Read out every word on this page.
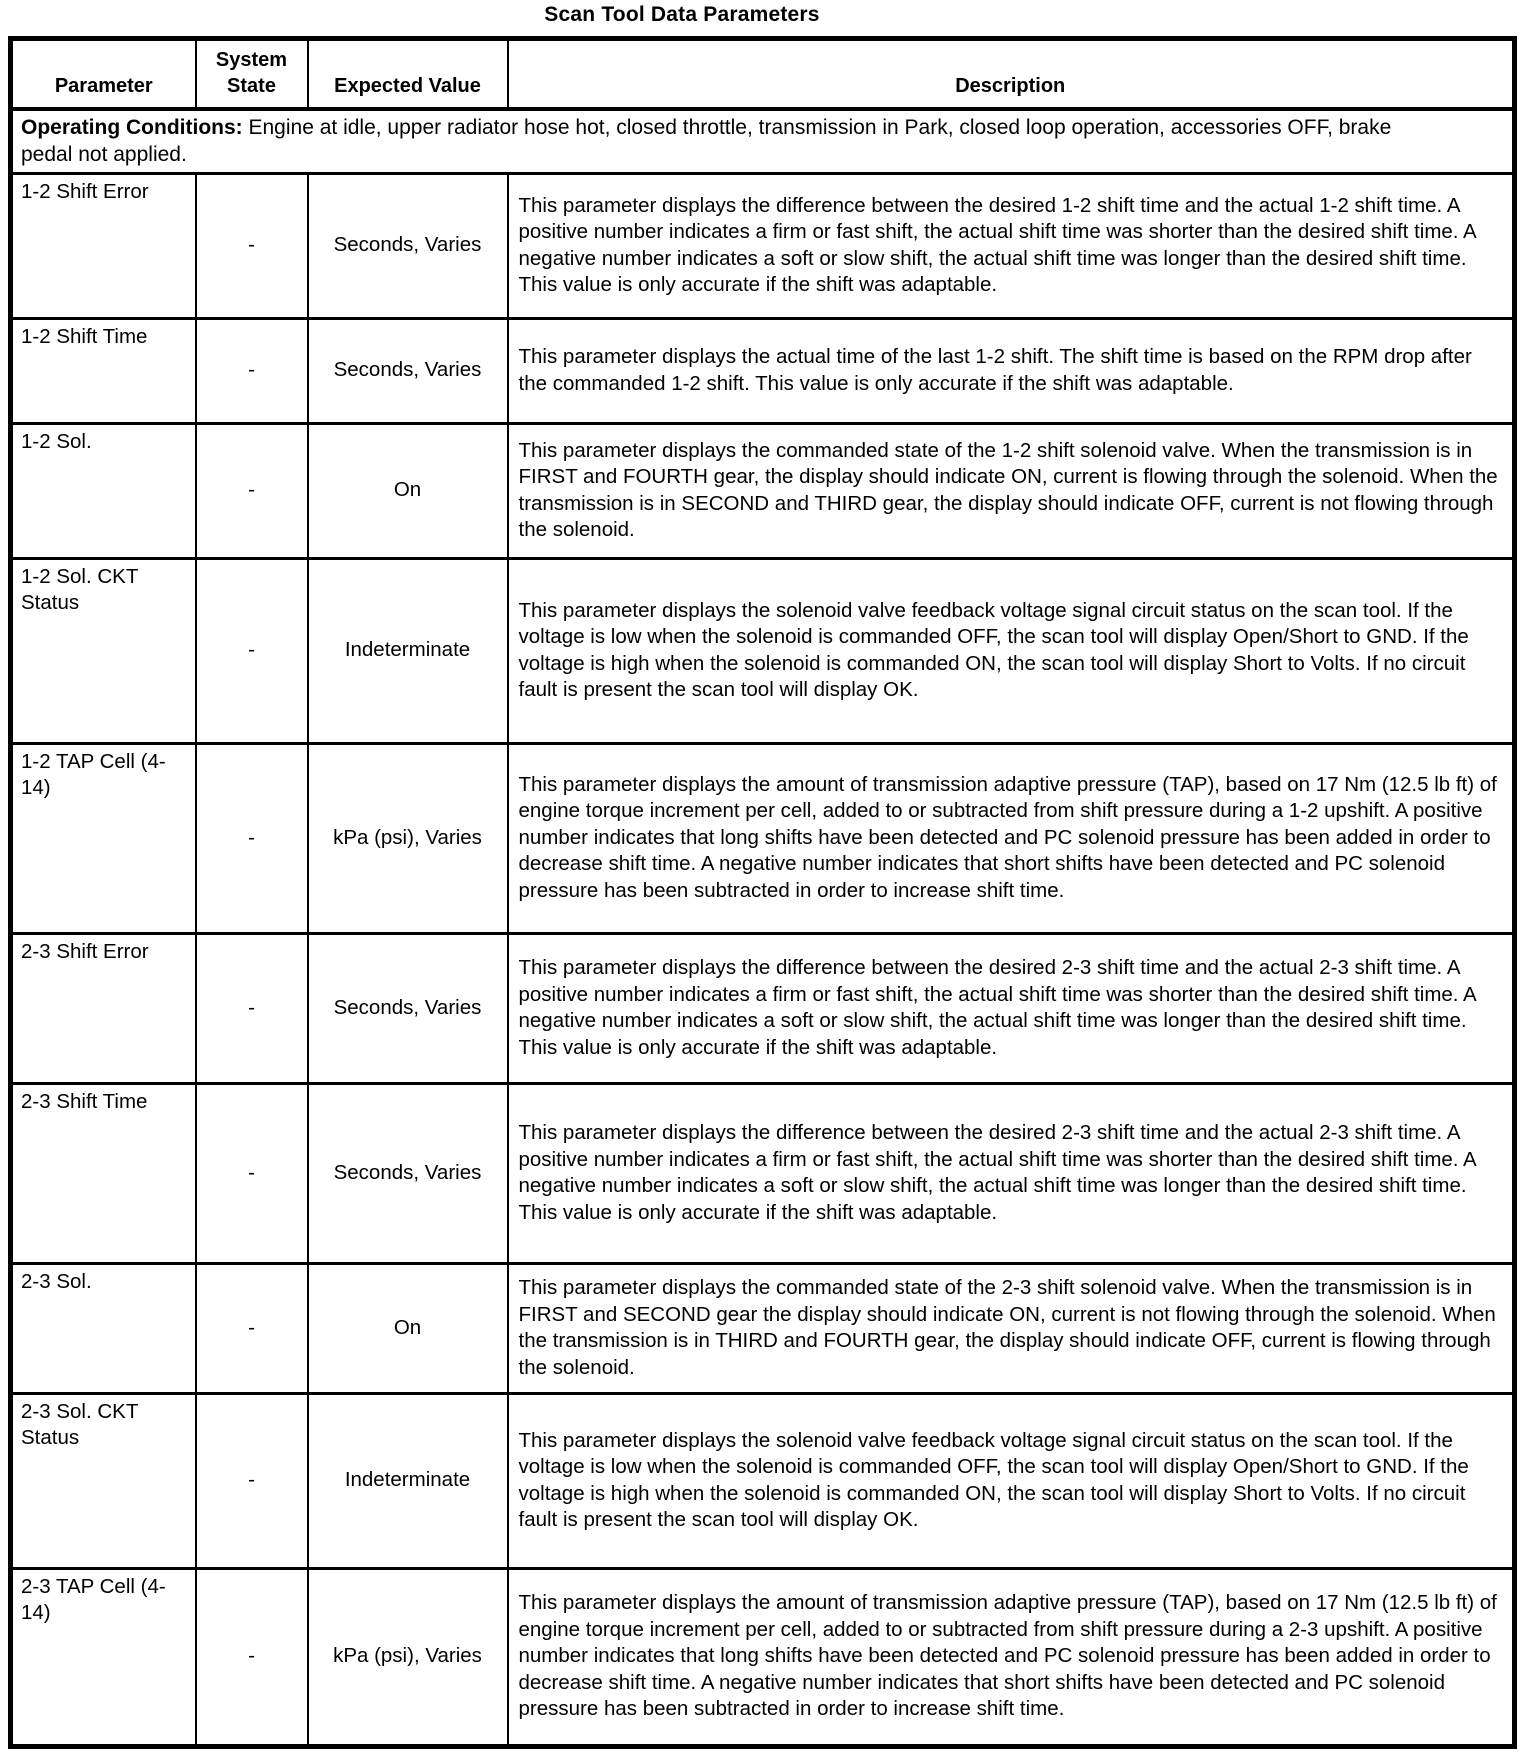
Scan Tool Data Parameters
Parameter	System State	Expected Value	Description

Operating Conditions: Engine at idle, upper radiator hose hot, closed throttle, transmission in Park, closed loop operation, accessories OFF, brake pedal not applied.			

1-2 Shift Error	-	Seconds, Varies	This parameter displays the difference between the desired 1-2 shift time and the actual 1-2 shift time. A positive number indicates a firm or fast shift, the actual shift time was shorter than the desired shift time. A negative number indicates a soft or slow shift, the actual shift time was longer than the desired shift time. This value is only accurate if the shift was adaptable.
1-2 Shift Time	-	Seconds, Varies	This parameter displays the actual time of the last 1-2 shift. The shift time is based on the RPM drop after the commanded 1-2 shift. This value is only accurate if the shift was adaptable.
1-2 Sol.	-	On	This parameter displays the commanded state of the 1-2 shift solenoid valve. When the transmission is in FIRST and FOURTH gear, the display should indicate ON, current is flowing through the solenoid. When the transmission is in SECOND and THIRD gear, the display should indicate OFF, current is not flowing through the solenoid.
1-2 Sol. CKT Status	-	Indeterminate	This parameter displays the solenoid valve feedback voltage signal circuit status on the scan tool. If the voltage is low when the solenoid is commanded OFF, the scan tool will display Open/Short to GND. If the voltage is high when the solenoid is commanded ON, the scan tool will display Short to Volts. If no circuit fault is present the scan tool will display OK.
1-2 TAP Cell (4-14)	-	kPa (psi), Varies	This parameter displays the amount of transmission adaptive pressure (TAP), based on 17 Nm (12.5 lb ft) of engine torque increment per cell, added to or subtracted from shift pressure during a 1-2 upshift. A positive number indicates that long shifts have been detected and PC solenoid pressure has been added in order to decrease shift time. A negative number indicates that short shifts have been detected and PC solenoid pressure has been subtracted in order to increase shift time.
2-3 Shift Error	-	Seconds, Varies	This parameter displays the difference between the desired 2-3 shift time and the actual 2-3 shift time. A positive number indicates a firm or fast shift, the actual shift time was shorter than the desired shift time. A negative number indicates a soft or slow shift, the actual shift time was longer than the desired shift time. This value is only accurate if the shift was adaptable.
2-3 Shift Time	-	Seconds, Varies	This parameter displays the difference between the desired 2-3 shift time and the actual 2-3 shift time. A positive number indicates a firm or fast shift, the actual shift time was shorter than the desired shift time. A negative number indicates a soft or slow shift, the actual shift time was longer than the desired shift time. This value is only accurate if the shift was adaptable.
2-3 Sol.	-	On	This parameter displays the commanded state of the 2-3 shift solenoid valve. When the transmission is in FIRST and SECOND gear the display should indicate ON, current is not flowing through the solenoid. When the transmission is in THIRD and FOURTH gear, the display should indicate OFF, current is flowing through the solenoid.
2-3 Sol. CKT Status	-	Indeterminate	This parameter displays the solenoid valve feedback voltage signal circuit status on the scan tool. If the voltage is low when the solenoid is commanded OFF, the scan tool will display Open/Short to GND. If the voltage is high when the solenoid is commanded ON, the scan tool will display Short to Volts. If no circuit fault is present the scan tool will display OK.
2-3 TAP Cell (4-14)	-	kPa (psi), Varies	This parameter displays the amount of transmission adaptive pressure (TAP), based on 17 Nm (12.5 lb ft) of engine torque increment per cell, added to or subtracted from shift pressure during a 2-3 upshift. A positive number indicates that long shifts have been detected and PC solenoid pressure has been added in order to decrease shift time. A negative number indicates that short shifts have been detected and PC solenoid pressure has been subtracted in order to increase shift time.
